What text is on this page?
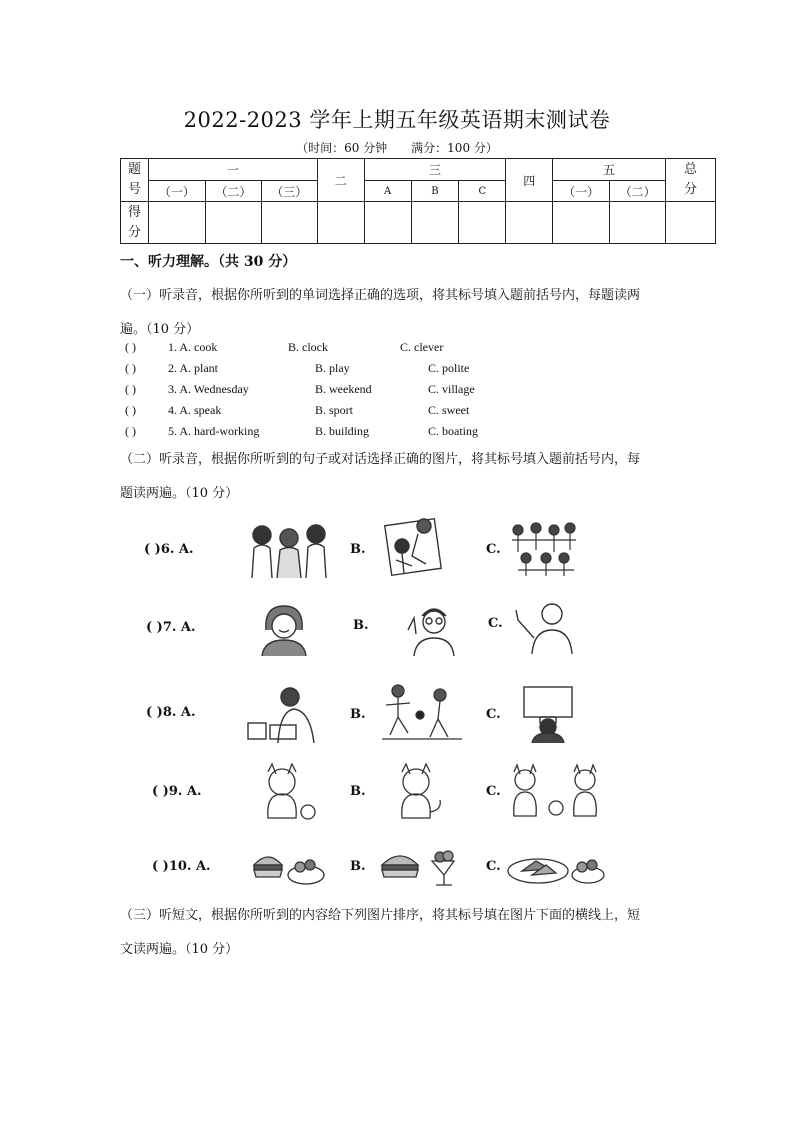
2022-2023 学年上期五年级英语期末测试卷
（时间：60 分钟 满分：100 分）
题号	一			二	三			四	五		总分

	（一）	（二）	（三）		A	B	C		（一）	（二）	

得分											

一、听力理解。（共 30 分）
（一）听录音，根据你所听到的单词选择正确的选项，将其标号填入题前括号内，每题读两
遍。（10 分）
( )	1. A. cook	B. clock	C. clever
( )	2. A. plant	B. play	C. polite
( )	3. A. Wednesday	B. weekend	C. village
( )	4. A. speak	B. sport	C. sweet
( )	5. A. hard-working	B. building	C. boating
（二）听录音，根据你所听到的句子或对话选择正确的图片，将其标号填入题前括号内，每
题读两遍。（10 分）
( )6. A.	B.	C.
( )7. A.	B.	C.
( )8. A.	B.	C.
( )9. A.	B.	C.
( )10. A.	B.	C.
（三）听短文，根据你所听到的内容给下列图片排序，将其标号填在图片下面的横线上，短
文读两遍。（10 分）
